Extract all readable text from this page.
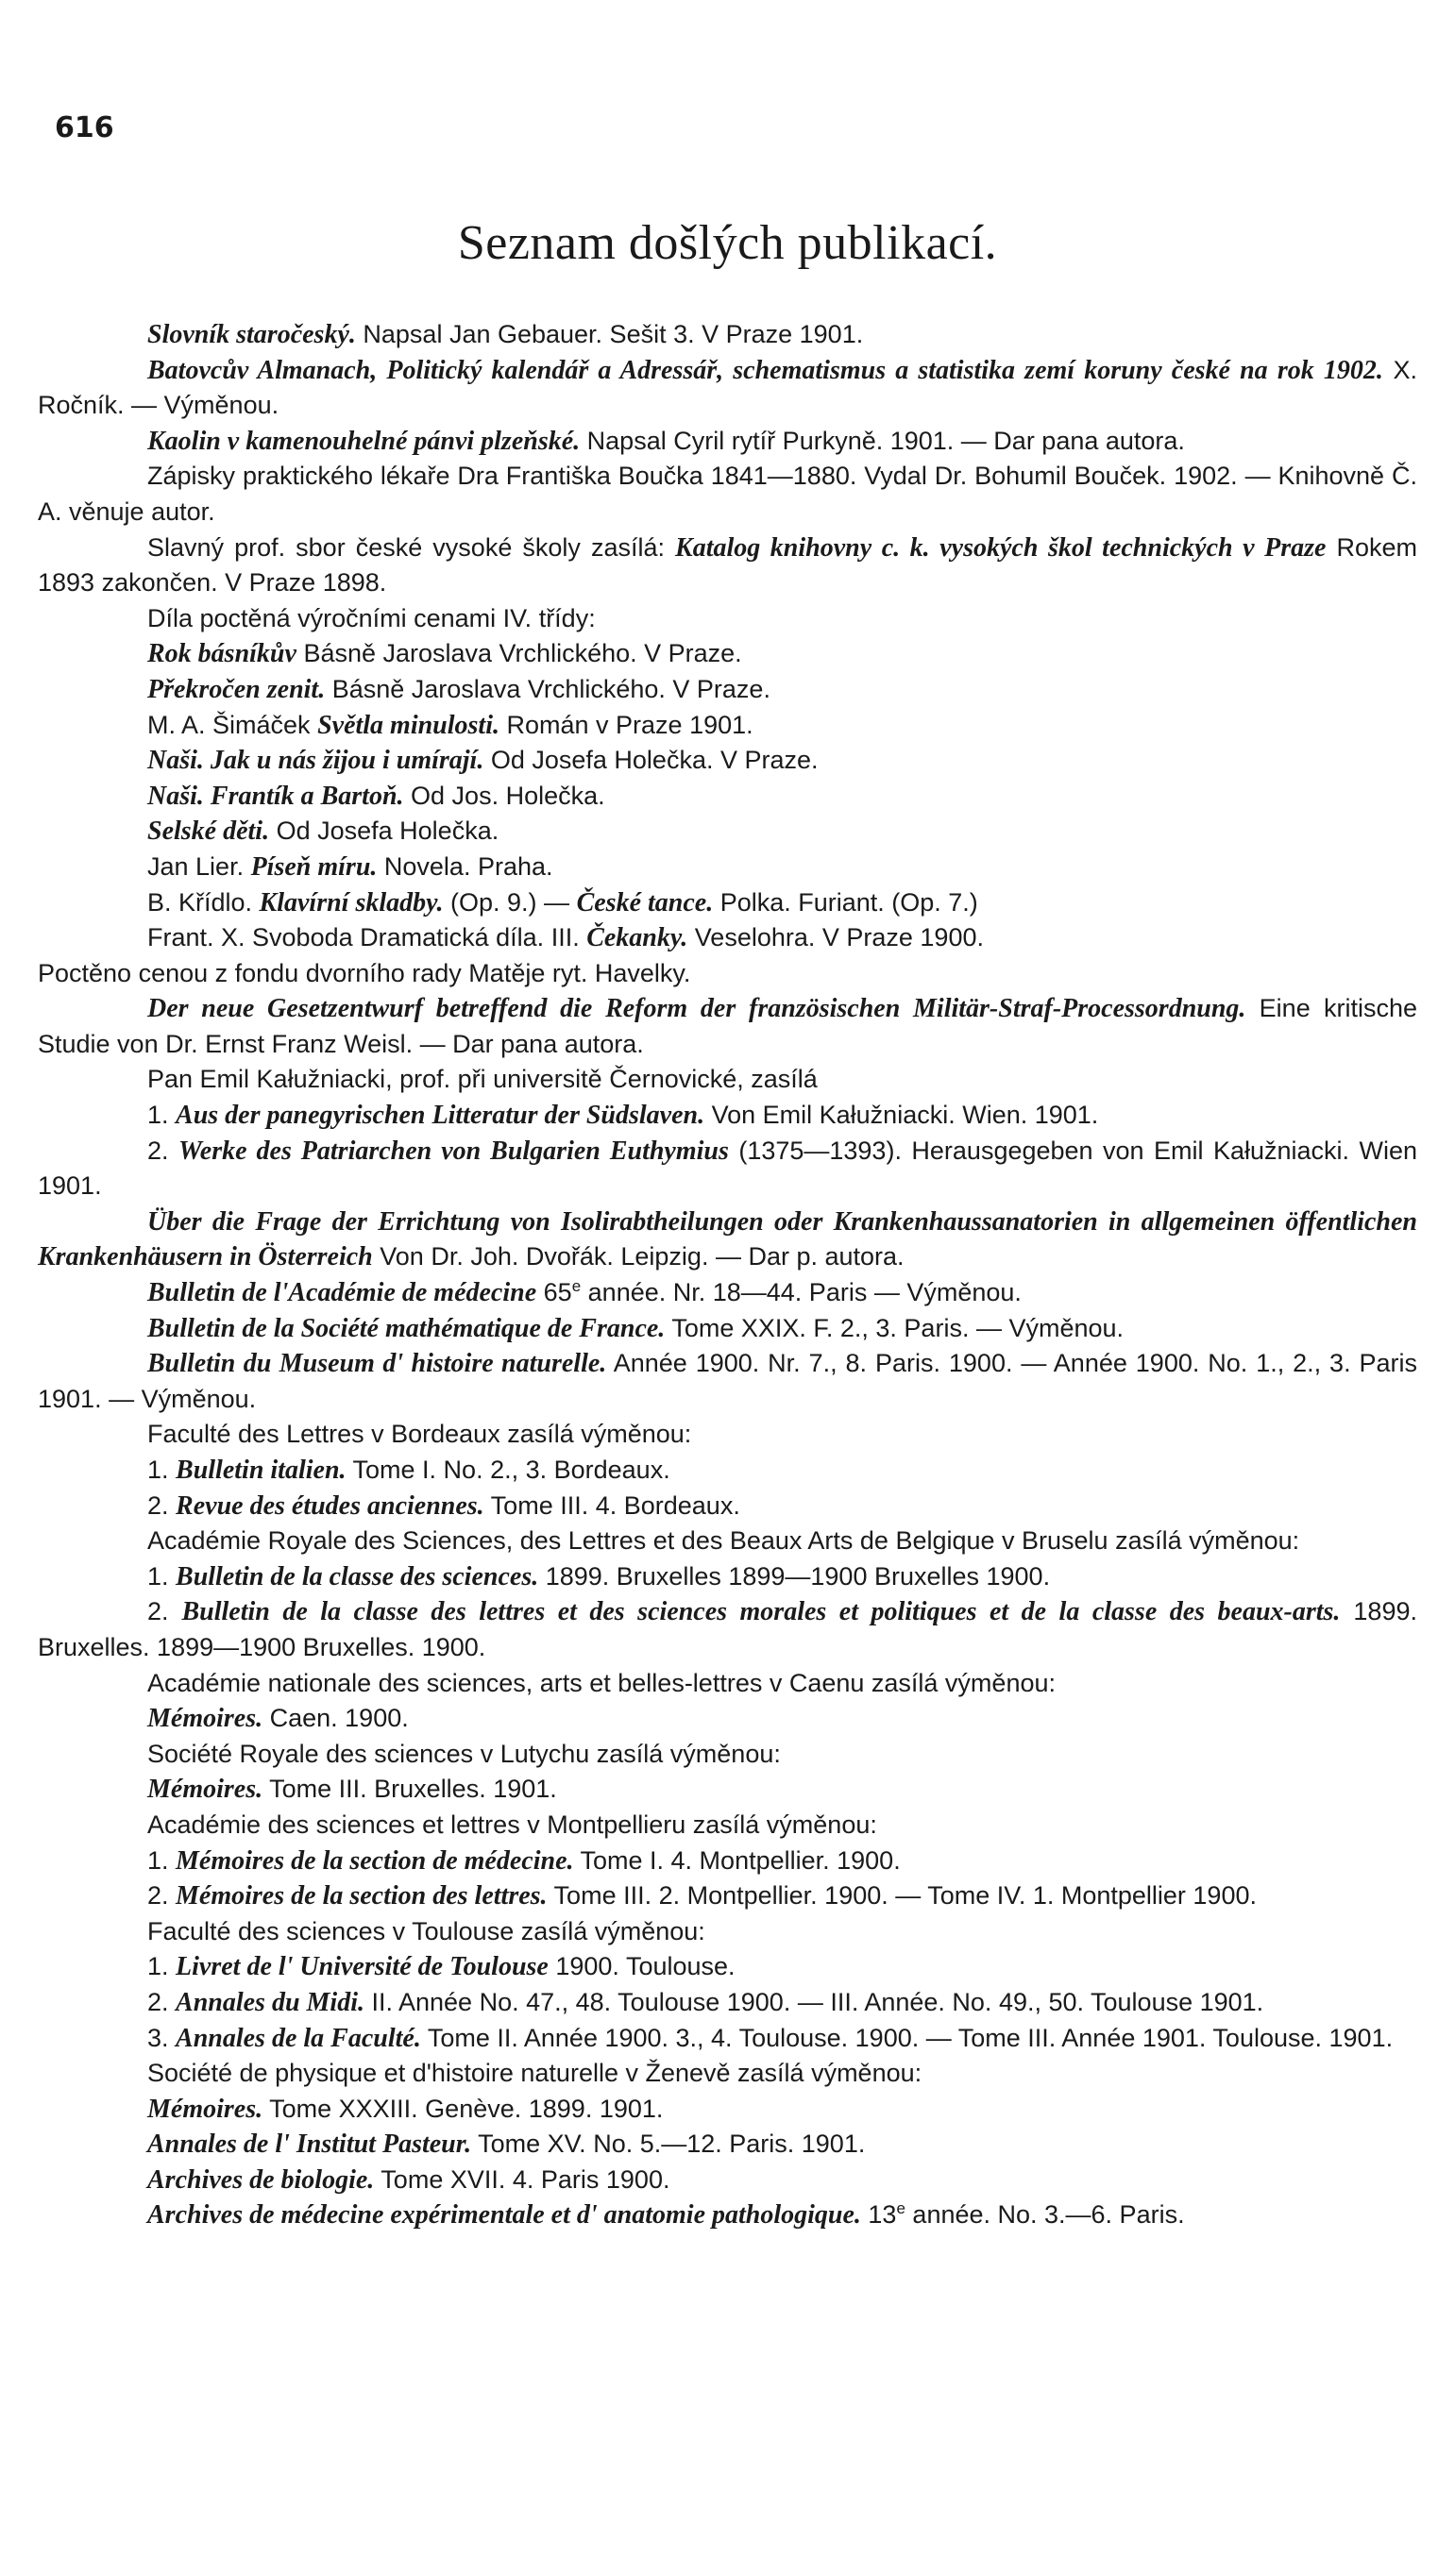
616
Seznam došlých publikací.

Slovník staročeský. Napsal Jan Gebauer. Sešit 3. V Praze 1901.

Batovcův Almanach, Politický kalendář a Adressář, schematismus a statistika zemí koruny české na rok 1902. X. Ročník. — Výměnou.

Kaolin v kamenouhelné pánvi plzeňské. Napsal Cyril rytíř Purkyně. 1901. — Dar pana autora.

Zápisky praktického lékaře Dra Františka Boučka 1841—1880. Vydal Dr. Bohumil Bouček. 1902. — Knihovně Č. A. věnuje autor.

Slavný prof. sbor české vysoké školy zasílá: Katalog knihovny c. k. vysokých škol technických v Praze Rokem 1893 zakončen. V Praze 1898.

Díla poctěná výročními cenami IV. třídy:

Rok básníkův Básně Jaroslava Vrchlického. V Praze.

Překročen zenit. Básně Jaroslava Vrchlického. V Praze.

M. A. Šimáček Světla minulosti. Román v Praze 1901.

Naši. Jak u nás žijou i umírají. Od Josefa Holečka. V Praze.

Naši. Frantík a Bartoň. Od Jos. Holečka.

Selské děti. Od Josefa Holečka.

Jan Lier. Píseň míru. Novela. Praha.

B. Křídlo. Klavírní skladby. (Op. 9.) — České tance. Polka. Furiant. (Op. 7.)

Frant. X. Svoboda Dramatická díla. III. Čekanky. Veselohra. V Praze 1900.

Poctěno cenou z fondu dvorního rady Matěje ryt. Havelky.

Der neue Gesetzentwurf betreffend die Reform der französischen Militär-Straf-Processordnung. Eine kritische Studie von Dr. Ernst Franz Weisl. — Dar pana autora.

Pan Emil Kałužniacki, prof. při universitě Černovické, zasílá

1. Aus der panegyrischen Litteratur der Südslaven. Von Emil Kałužniacki. Wien. 1901.

2. Werke des Patriarchen von Bulgarien Euthymius (1375—1393). Herausgegeben von Emil Kałužniacki. Wien 1901.

Über die Frage der Errichtung von Isolirabtheilungen oder Krankenhaussanatorien in allgemeinen öffentlichen Krankenhäusern in Österreich Von Dr. Joh. Dvořák. Leipzig. — Dar p. autora.

Bulletin de l'Académie de médecine 65e année. Nr. 18—44. Paris — Výměnou.

Bulletin de la Société mathématique de France. Tome XXIX. F. 2., 3. Paris. — Výměnou.

Bulletin du Museum d' histoire naturelle. Année 1900. Nr. 7., 8. Paris. 1900. — Année 1900. No. 1., 2., 3. Paris 1901. — Výměnou.

Faculté des Lettres v Bordeaux zasílá výměnou:

1. Bulletin italien. Tome I. No. 2., 3. Bordeaux.

2. Revue des études anciennes. Tome III. 4. Bordeaux.

Académie Royale des Sciences, des Lettres et des Beaux Arts de Belgique v Bruselu zasílá výměnou:

1. Bulletin de la classe des sciences. 1899. Bruxelles 1899—1900 Bruxelles 1900.

2. Bulletin de la classe des lettres et des sciences morales et politiques et de la classe des beaux-arts. 1899. Bruxelles. 1899—1900 Bruxelles. 1900.

Académie nationale des sciences, arts et belles-lettres v Caenu zasílá výměnou:

Mémoires. Caen. 1900.

Société Royale des sciences v Lutychu zasílá výměnou:

Mémoires. Tome III. Bruxelles. 1901.

Académie des sciences et lettres v Montpellieru zasílá výměnou:

1. Mémoires de la section de médecine. Tome I. 4. Montpellier. 1900.

2. Mémoires de la section des lettres. Tome III. 2. Montpellier. 1900. — Tome IV. 1. Montpellier 1900.

Faculté des sciences v Toulouse zasílá výměnou:

1. Livret de l' Université de Toulouse 1900. Toulouse.

2. Annales du Midi. II. Année No. 47., 48. Toulouse 1900. — III. Année. No. 49., 50. Toulouse 1901.

3. Annales de la Faculté. Tome II. Année 1900. 3., 4. Toulouse. 1900. — Tome III. Année 1901. Toulouse. 1901.

Société de physique et d'histoire naturelle v Ženevě zasílá výměnou:

Mémoires. Tome XXXIII. Genève. 1899. 1901.

Annales de l' Institut Pasteur. Tome XV. No. 5.—12. Paris. 1901.

Archives de biologie. Tome XVII. 4. Paris 1900.

Archives de médecine expérimentale et d' anatomie pathologique. 13e année. No. 3.—6. Paris.
